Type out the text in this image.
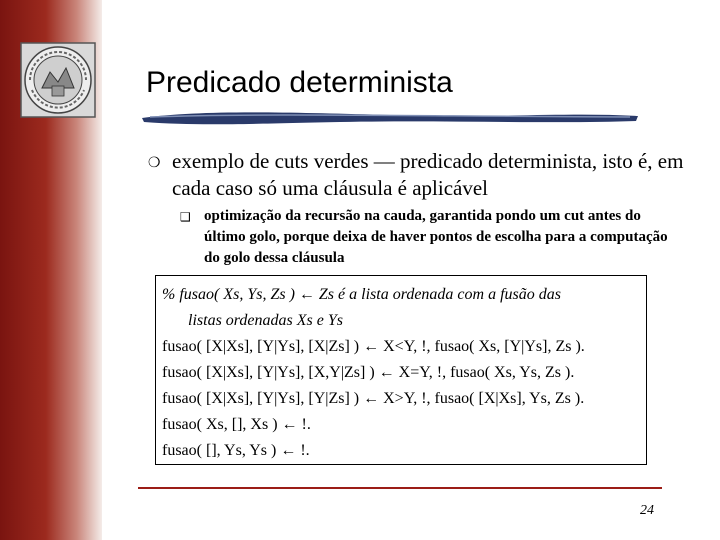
Predicado determinista
❍ exemplo de cuts verdes — predicado determinista, isto é, em cada caso só uma cláusula é aplicável
❑ optimização da recursão na cauda, garantida pondo um cut antes do último golo, porque deixa de haver pontos de escolha para a computação do golo dessa cláusula
% fusao( Xs, Ys, Zs ) ← Zs é a lista ordenada com a fusão das
listas ordenadas Xs e Ys
fusao( [X|Xs], [Y|Ys], [X|Zs] ) ← X<Y, !, fusao( Xs, [Y|Ys], Zs ).
fusao( [X|Xs], [Y|Ys], [X,Y|Zs] ) ← X=Y, !, fusao( Xs, Ys, Zs ).
fusao( [X|Xs], [Y|Ys], [Y|Zs] ) ← X>Y, !, fusao( [X|Xs], Ys, Zs ).
fusao( Xs, [], Xs ) ← !.
fusao( [], Ys, Ys ) ← !.
24
